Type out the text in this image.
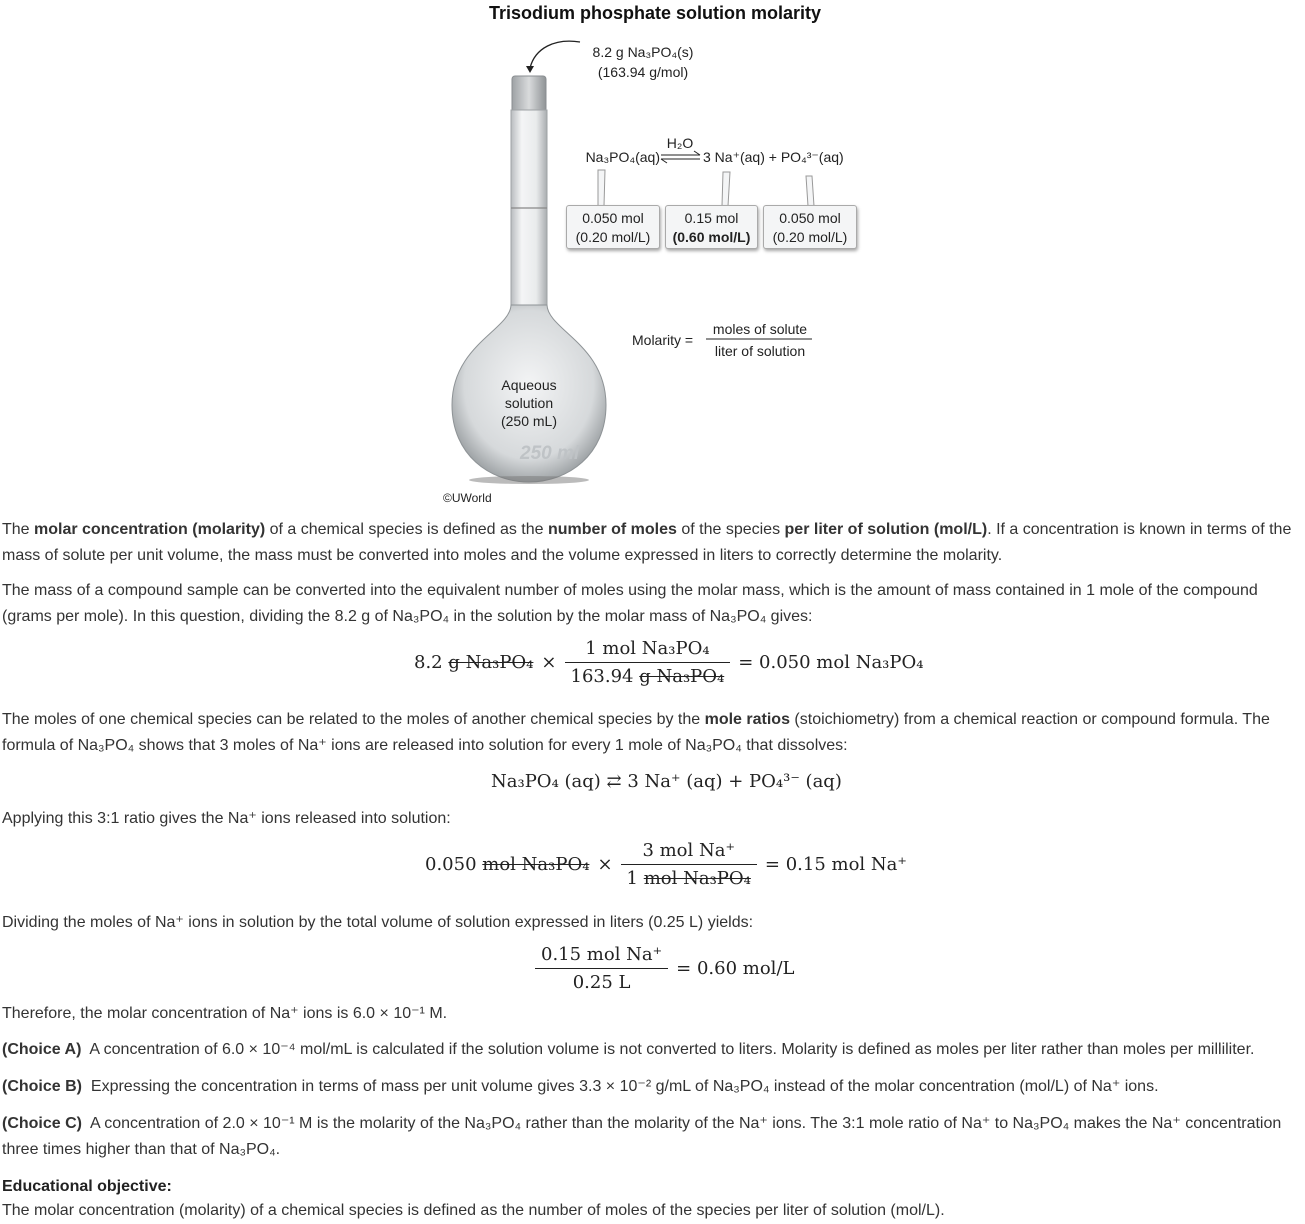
Trisodium phosphate solution molarity
250 ml
8.2 g Na₃PO₄(s)
(163.94 g/mol)
H₂O
Na₃PO₄(aq)	3 Na⁺(aq) + PO₄³⁻(aq)
0.050 mol
(0.20 mol/L)
0.15 mol
(0.60 mol/L)
0.050 mol
(0.20 mol/L)
Molarity =
moles of solute
liter of solution
Aqueous
solution
(250 mL)
©UWorld
The molar concentration (molarity) of a chemical species is defined as the number of moles of the species per liter of solution (mol/L). If a concentration is known in terms of the mass of solute per unit volume, the mass must be converted into moles and the volume expressed in liters to correctly determine the molarity.
The mass of a compound sample can be converted into the equivalent number of moles using the molar mass, which is the amount of mass contained in 1 mole of the compound (grams per mole). In this question, dividing the 8.2 g of Na₃PO₄ in the solution by the molar mass of Na₃PO₄ gives:
8.2 g $Na_3PO_4 \times \frac{\text{1 mol Na₃PO₄}}{\text{163.94 g Na₃PO₄}} = 0.050$ mol Na₃PO₄
The moles of one chemical species can be related to the moles of another chemical species by the mole ratios (stoichiometry) from a chemical reaction or compound formula. The formula of Na₃PO₄ shows that 3 moles of Na⁺ ions are released into solution for every 1 mole of Na₃PO₄ that dissolves:
Na₃PO₄ (aq) ⇄ 3 Na⁺ (aq) + PO₄³⁻ (aq)
Applying this 3:1 ratio gives the Na⁺ ions released into solution:
0.050 mol $Na_3PO_4 \times \frac{\text{3 mol Na⁺}}{\text{1 mol Na₃PO₄}} = 0.15$ mol Na⁺
Dividing the moles of Na⁺ ions in solution by the total volume of solution expressed in liters (0.25 L) yields:
$\frac{\text{0.15 mol Na⁺}}{0.25 L} = 0.60$ mol/L
Therefore, the molar concentration of Na⁺ ions is 6.0 × 10⁻¹ M.
(Choice A) A concentration of 6.0 × 10⁻⁴ mol/mL is calculated if the solution volume is not converted to liters. Molarity is defined as moles per liter rather than moles per milliliter.
(Choice B) Expressing the concentration in terms of mass per unit volume gives 3.3 × 10⁻² g/mL of Na₃PO₄ instead of the molar concentration (mol/L) of Na⁺ ions.
(Choice C) A concentration of 2.0 × 10⁻¹ M is the molarity of the Na₃PO₄ rather than the molarity of the Na⁺ ions. The 3:1 mole ratio of Na⁺ to Na₃PO₄ makes the Na⁺ concentration three times higher than that of Na₃PO₄.
Educational objective:
The molar concentration (molarity) of a chemical species is defined as the number of moles of the species per liter of solution (mol/L).
